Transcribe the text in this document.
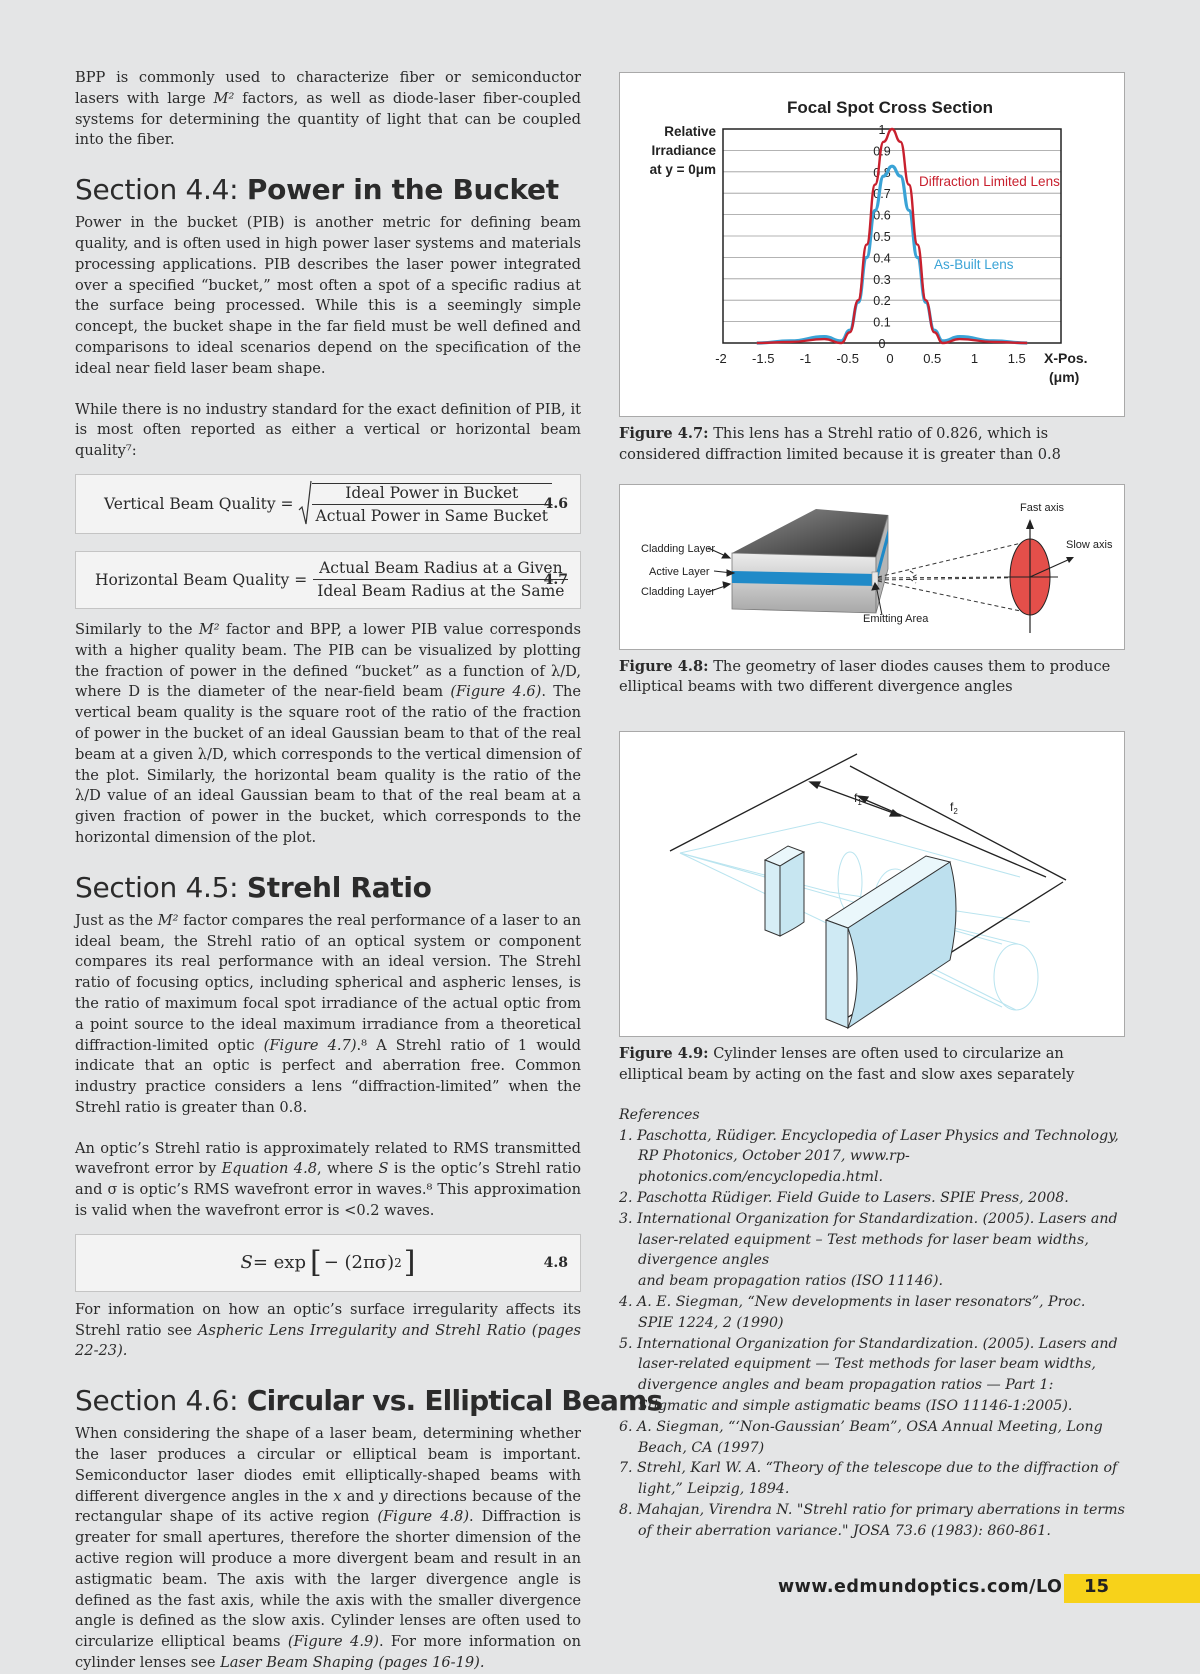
BPP is commonly used to characterize fiber or semiconductor lasers with large M² factors, as well as diode-laser fiber-coupled systems for determining the quantity of light that can be coupled into the fiber.

Section 4.4: Power in the Bucket

Power in the bucket (PIB) is another metric for defining beam quality, and is often used in high power laser systems and materials processing applications. PIB describes the laser power integrated over a specified “bucket,” most often a spot of a specific radius at the surface being processed. While this is a seemingly simple concept, the bucket shape in the far field must be well defined and comparisons to ideal scenarios depend on the specification of the ideal near field laser beam shape.

While there is no industry standard for the exact definition of PIB, it is most often reported as either a vertical or horizontal beam quality⁷:

Vertical Beam Quality = $\frac{\text{Ideal Power in Bucket}}{\text{Actual Power in Same Bucket}}$
4.6
Horizontal Beam Quality = $\frac{\text{Actual Beam Radius at a Given}}{\text{Ideal Beam Radius at the Same}}$
4.7

Similarly to the M² factor and BPP, a lower PIB value corresponds with a higher quality beam. The PIB can be visualized by plotting the fraction of power in the defined “bucket” as a function of λ/D, where D is the diameter of the near-field beam (Figure 4.6). The vertical beam quality is the square root of the ratio of the fraction of power in the bucket of an ideal Gaussian beam to that of the real beam at a given λ/D, which corresponds to the vertical dimension of the plot. Similarly, the horizontal beam quality is the ratio of the λ/D value of an ideal Gaussian beam to that of the real beam at a given fraction of power in the bucket, which corresponds to the horizontal dimension of the plot.

Section 4.5: Strehl Ratio

Just as the M² factor compares the real performance of a laser to an ideal beam, the Strehl ratio of an optical system or component compares its real performance with an ideal version. The Strehl ratio of focusing optics, including spherical and aspheric lenses, is the ratio of maximum focal spot irradiance of the actual optic from a point source to the ideal maximum irradiance from a theoretical diffraction-limited optic (Figure 4.7).⁸ A Strehl ratio of 1 would indicate that an optic is perfect and aberration free. Common industry practice considers a lens “diffraction-limited” when the Strehl ratio is greater than 0.8.

An optic’s Strehl ratio is approximately related to RMS transmitted wavefront error by Equation 4.8, where S is the optic’s Strehl ratio and σ is optic’s RMS wavefront error in waves.⁸ This approximation is valid when the wavefront error is <0.2 waves.

S = exp [ − (2πσ) 2 ]	4.8

For information on how an optic’s surface irregularity affects its Strehl ratio see Aspheric Lens Irregularity and Strehl Ratio (pages 22-23).

Section 4.6: Circular vs. Elliptical Beams

When considering the shape of a laser beam, determining whether the laser produces a circular or elliptical beam is important. Semiconductor laser diodes emit elliptically-shaped beams with different divergence angles in the x and y directions because of the rectangular shape of its active region (Figure 4.8). Diffraction is greater for small apertures, therefore the shorter dimension of the active region will produce a more divergent beam and result in an astigmatic beam. The axis with the larger divergence angle is defined as the fast axis, while the axis with the smaller divergence angle is defined as the slow axis. Cylinder lenses are often used to circularize elliptical beams (Figure 4.9). For more information on cylinder lenses see Laser Beam Shaping (pages 16-19).

Focal Spot Cross Section
Relative
Irradiance
at y = 0μm
0
0.1
0.2
0.3
0.4
0.5
0.6
0.7
0.8
0.9
1
-2 -1.5 -1 -0.5 0 0.5 1 1.5
Diffraction Limited Lens
As-Built Lens
X-Pos.
(μm)

Figure 4.7: This lens has a Strehl ratio of 0.826, which is considered diffraction limited because it is greater than 0.8

Fast axis
Slow axis
Cladding Layer
Active Layer
Cladding Layer
Emitting Area

Figure 4.8: The geometry of laser diodes causes them to produce elliptical beams with two different divergence angles

$f_1$	$f_2$

Figure 4.9: Cylinder lenses are often used to circularize an elliptical beam by acting on the fast and slow axes separately

References

1. Paschotta, Rüdiger. Encyclopedia of Laser Physics and Technology, RP Photonics, October 2017, www.rp-photonics.com/encyclopedia.html.

2. Paschotta Rüdiger. Field Guide to Lasers. SPIE Press, 2008.

3. International Organization for Standardization. (2005). Lasers and laser-related equipment – Test methods for laser beam widths, divergence angles

and beam propagation ratios (ISO 11146).

4. A. E. Siegman, “New developments in laser resonators”, Proc. SPIE 1224, 2 (1990)

5. International Organization for Standardization. (2005). Lasers and laser-related equipment — Test methods for laser beam widths, divergence angles and beam propagation ratios — Part 1: Stigmatic and simple astigmatic beams (ISO 11146-1:2005).

6. A. Siegman, “‘Non-Gaussian’ Beam”, OSA Annual Meeting, Long Beach, CA (1997)

7. Strehl, Karl W. A. “Theory of the telescope due to the diffraction of light,” Leipzig, 1894.

8. Mahajan, Virendra N. "Strehl ratio for primary aberrations in terms of their aberration variance." JOSA 73.6 (1983): 860-861.

www.edmundoptics.com/LO 15
